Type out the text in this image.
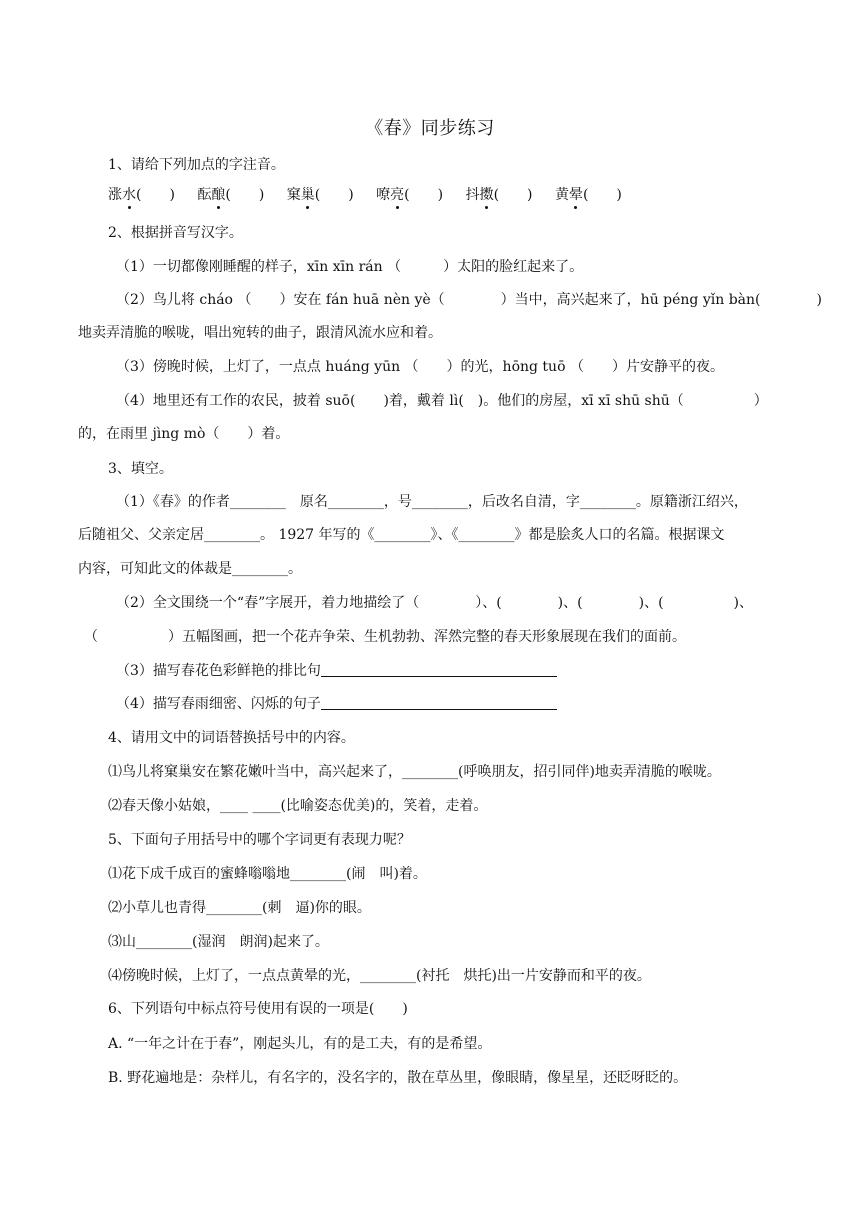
《春》同步练习
1、请给下列加点的字注音。
涨水(　　) 酝酿(　　) 窠巢(　　) 嘹亮(　　) 抖擞(　　) 黄晕(　　)
2、根据拼音写汉字。
（1）一切都像刚睡醒的样子，xīn xīn rán （　　　）太阳的脸红起来了。
（2）鸟儿将 cháo （　　）安在 fán huā nèn yè（　　　　）当中，高兴起来了，hū péng yǐn bàn(　　　　)
地卖弄清脆的喉咙，唱出宛转的曲子，跟清风流水应和着。
（3）傍晚时候，上灯了，一点点 huáng yūn （　　）的光，hōng tuō （　　）片安静平的夜。
（4）地里还有工作的农民，披着 suō(　　)着，戴着 lì(　)。他们的房屋，xī xī shū shū（　　　　　）
的，在雨里 jìng mò（　　）着。
3、填空。
（1）《春》的作者________　原名________，号________，后改名自清，字________。原籍浙江绍兴，
后随祖父、父亲定居________。 1927 年写的《________》、《________》都是脍炙人口的名篇。根据课文
内容，可知此文的体裁是________。
（2）全文围绕一个“春”字展开，着力地描绘了（　　　　）、(　　　　)、(　　　　)、(　　　　　)、
（　　　　　）五幅图画，把一个花卉争荣、生机勃勃、浑然完整的春天形象展现在我们的面前。
（3）描写春花色彩鲜艳的排比句
（4）描写春雨细密、闪烁的句子
4、请用文中的词语替换括号中的内容。
⑴鸟儿将窠巢安在繁花嫩叶当中，高兴起来了，________(呼唤朋友，招引同伴)地卖弄清脆的喉咙。
⑵春天像小姑娘，____ ____(比喻姿态优美)的，笑着，走着。
5、下面句子用括号中的哪个字词更有表现力呢？
⑴花下成千成百的蜜蜂嗡嗡地________(闹　叫)着。
⑵小草儿也青得________(刺　逼)你的眼。
⑶山________(湿润　朗润)起来了。
⑷傍晚时候，上灯了，一点点黄晕的光，________(衬托　烘托)出一片安静而和平的夜。
6、下列语句中标点符号使用有误的一项是(　　)
A. “一年之计在于春”，刚起头儿，有的是工夫，有的是希望。
B. 野花遍地是：杂样儿，有名字的，没名字的，散在草丛里，像眼睛，像星星，还眨呀眨的。
